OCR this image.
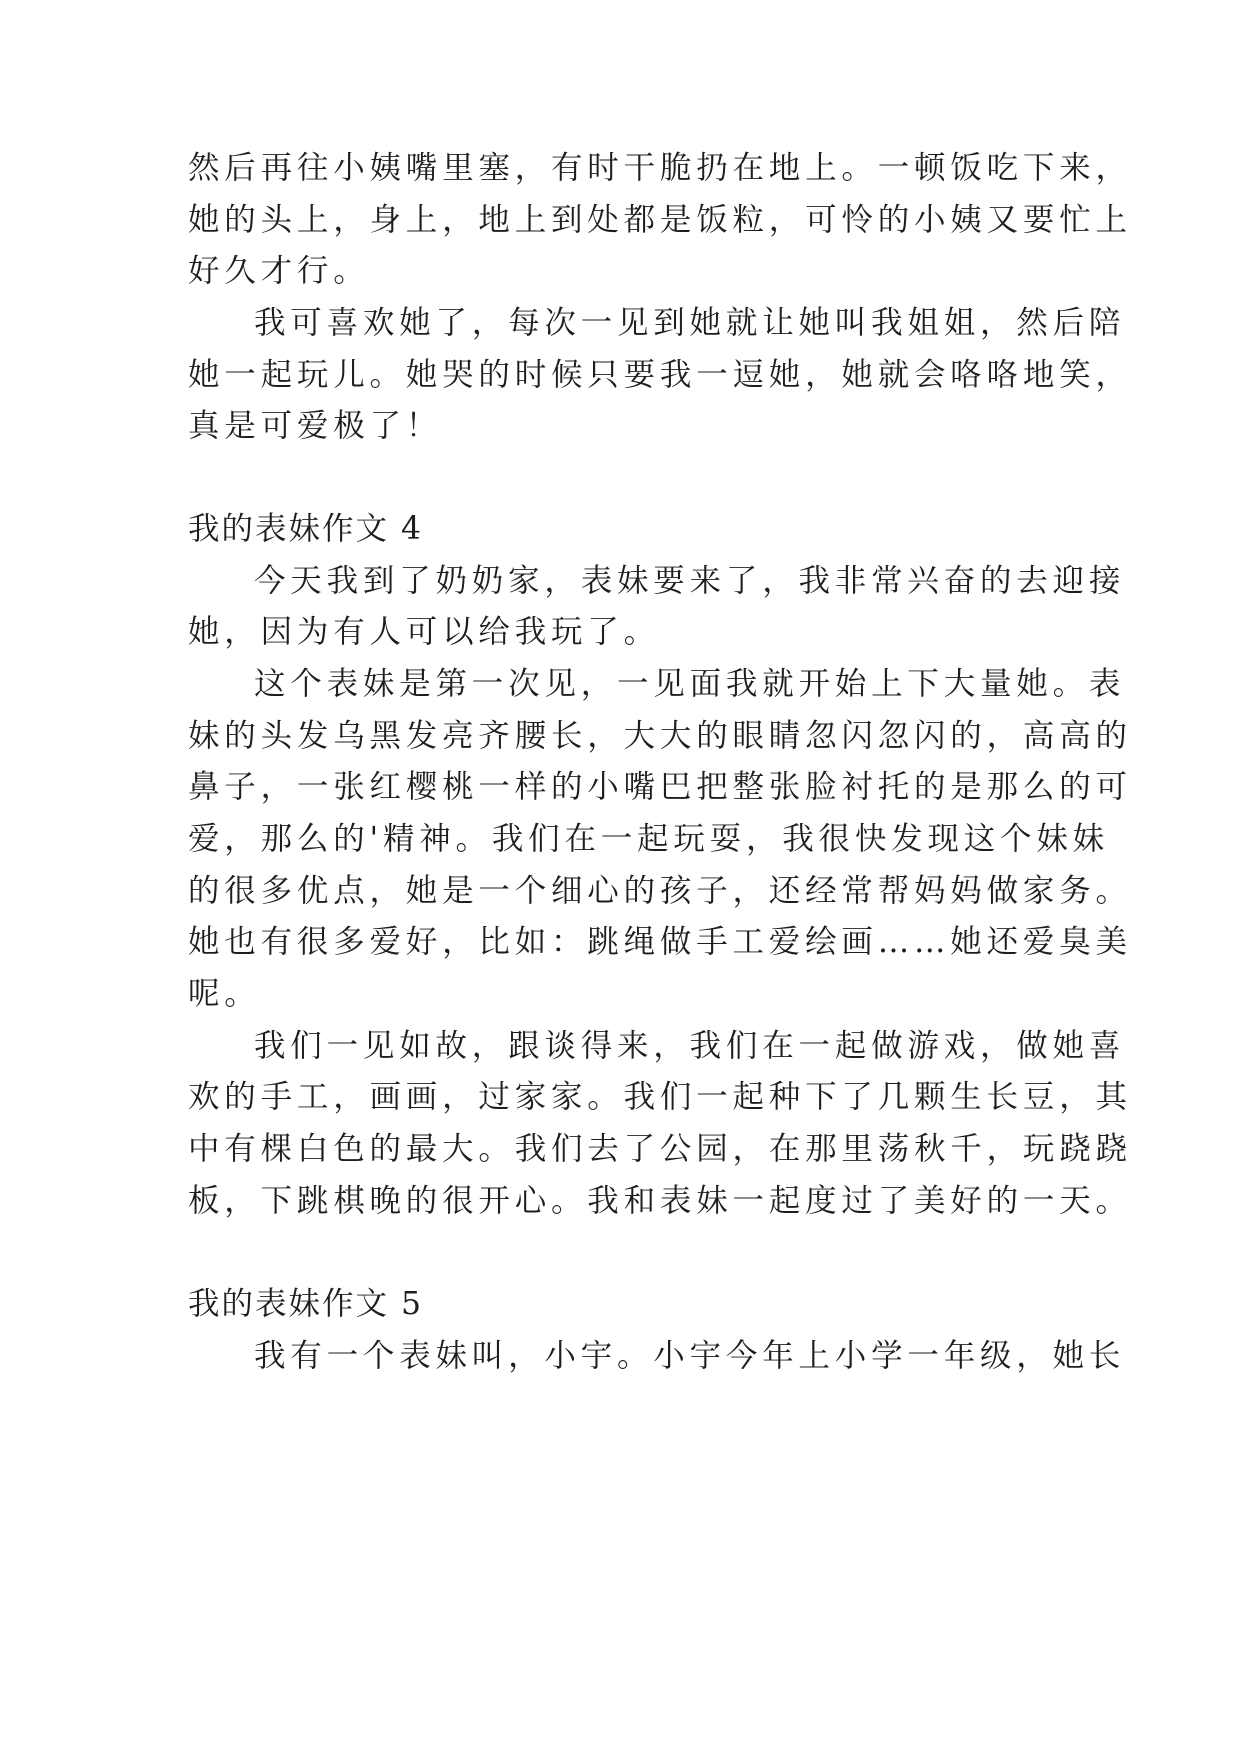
然后再往小姨嘴里塞，有时干脆扔在地上。一顿饭吃下来，
她的头上，身上，地上到处都是饭粒，可怜的小姨又要忙上
好久才行。
我可喜欢她了，每次一见到她就让她叫我姐姐，然后陪
她一起玩儿。她哭的时候只要我一逗她，她就会咯咯地笑，
真是可爱极了！
我的表妹作文 4
今天我到了奶奶家，表妹要来了，我非常兴奋的去迎接
她，因为有人可以给我玩了。
这个表妹是第一次见，一见面我就开始上下大量她。表
妹的头发乌黑发亮齐腰长，大大的眼睛忽闪忽闪的，高高的
鼻子，一张红樱桃一样的小嘴巴把整张脸衬托的是那么的可
爱，那么的'精神。我们在一起玩耍，我很快发现这个妹妹
的很多优点，她是一个细心的孩子，还经常帮妈妈做家务。
她也有很多爱好，比如：跳绳做手工爱绘画……她还爱臭美
呢。
我们一见如故，跟谈得来，我们在一起做游戏，做她喜
欢的手工，画画，过家家。我们一起种下了几颗生长豆，其
中有棵白色的最大。我们去了公园，在那里荡秋千，玩跷跷
板，下跳棋晚的很开心。我和表妹一起度过了美好的一天。
我的表妹作文 5
我有一个表妹叫，小宇。小宇今年上小学一年级，她长
